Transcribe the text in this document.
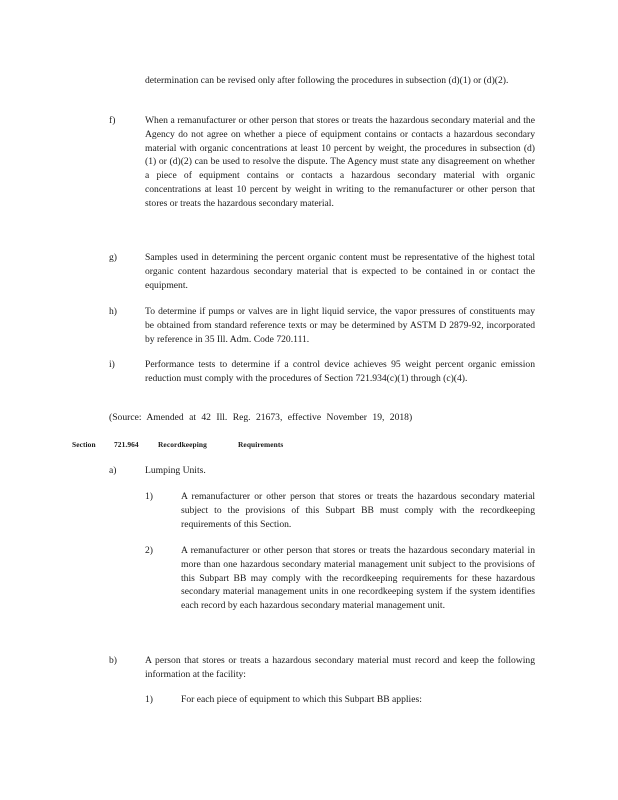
determination can be revised only after following the procedures in subsection (d)(1) or (d)(2).

f)	When a remanufacturer or other person that stores or treats the hazardous secondary material and the Agency do not agree on whether a piece of equipment contains or contacts a hazardous secondary material with organic concentrations at least 10 percent by weight, the procedures in subsection (d)(1) or (d)(2) can be used to resolve the dispute. The Agency must state any disagreement on whether a piece of equipment contains or contacts a hazardous secondary material with organic concentrations at least 10 percent by weight in writing to the remanufacturer or other person that stores or treats the hazardous secondary material.

g)	Samples used in determining the percent organic content must be representative of the highest total organic content hazardous secondary material that is expected to be contained in or contact the equipment.

h)	To determine if pumps or valves are in light liquid service, the vapor pressures of constituents may be obtained from standard reference texts or may be determined by ASTM D 2879-92, incorporated by reference in 35 Ill. Adm. Code 720.111.

i)	Performance tests to determine if a control device achieves 95 weight percent organic emission reduction must comply with the procedures of Section 721.934(c)(1) through (c)(4).

(Source: Amended at 42 Ill. Reg. 21673, effective November 19, 2018)

Section 721.964	Recordkeeping	Requirements
a)	Lumping Units.
1)	A remanufacturer or other person that stores or treats the hazardous secondary material subject to the provisions of this Subpart BB must comply with the recordkeeping requirements of this Section.

2)	A remanufacturer or other person that stores or treats the hazardous secondary material in more than one hazardous secondary material management unit subject to the provisions of this Subpart BB may comply with the recordkeeping requirements for these hazardous secondary material management units in one recordkeeping system if the system identifies each record by each hazardous secondary material management unit.

b)	A person that stores or treats a hazardous secondary material must record and keep the following information at the facility:

1)	For each piece of equipment to which this Subpart BB applies:
